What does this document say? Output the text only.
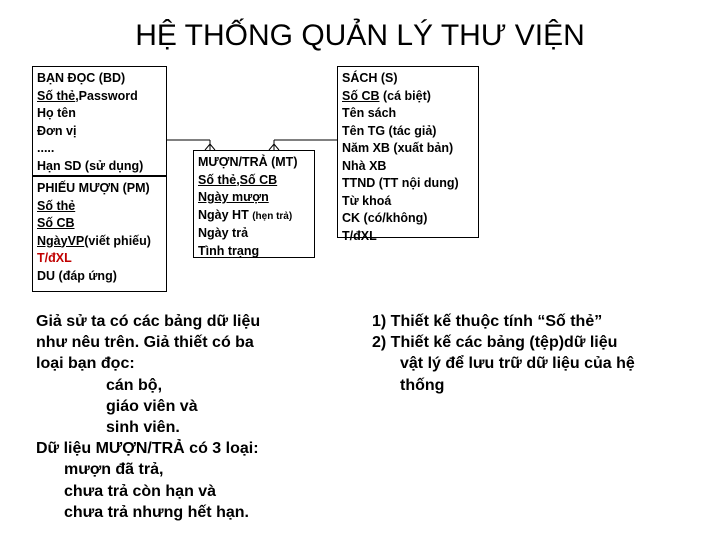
HỆ THỐNG QUẢN LÝ THƯ VIỆN
BẠN ĐỌC (BD)
Số thẻ,Password
Họ tên
Đơn vị
.....
Hạn SD (sử dụng)
PHIẾU MƯỢN (PM)
Số thẻ
Số CB
NgàyVP(viết phiếu)
T/đXL
DU (đáp ứng)
MƯỢN/TRẢ (MT)
Số thẻ,Số CB
Ngày mượn
Ngày HT (hẹn trả)
Ngày trả
Tình trạng
SÁCH (S)
Số CB (cá biệt)
Tên sách
Tên TG (tác giả)
Năm XB (xuất bản)
Nhà XB
TTND (TT nội dung)
Từ khoá
CK (có/không)
T/đXL
Giả sử ta có các bảng dữ liệu
như nêu trên. Giả thiết có ba
loại bạn đọc:
cán bộ,
giáo viên và
sinh viên.
Dữ liệu MƯỢN/TRẢ có 3 loại:
mượn đã trả,
chưa trả còn hạn và
chưa trả nhưng hết hạn.
1) Thiết kế thuộc tính “Số thẻ”
2) Thiết kế các bảng (tệp)dữ liệu
vật lý để lưu trữ dữ liệu của hệ
thống
